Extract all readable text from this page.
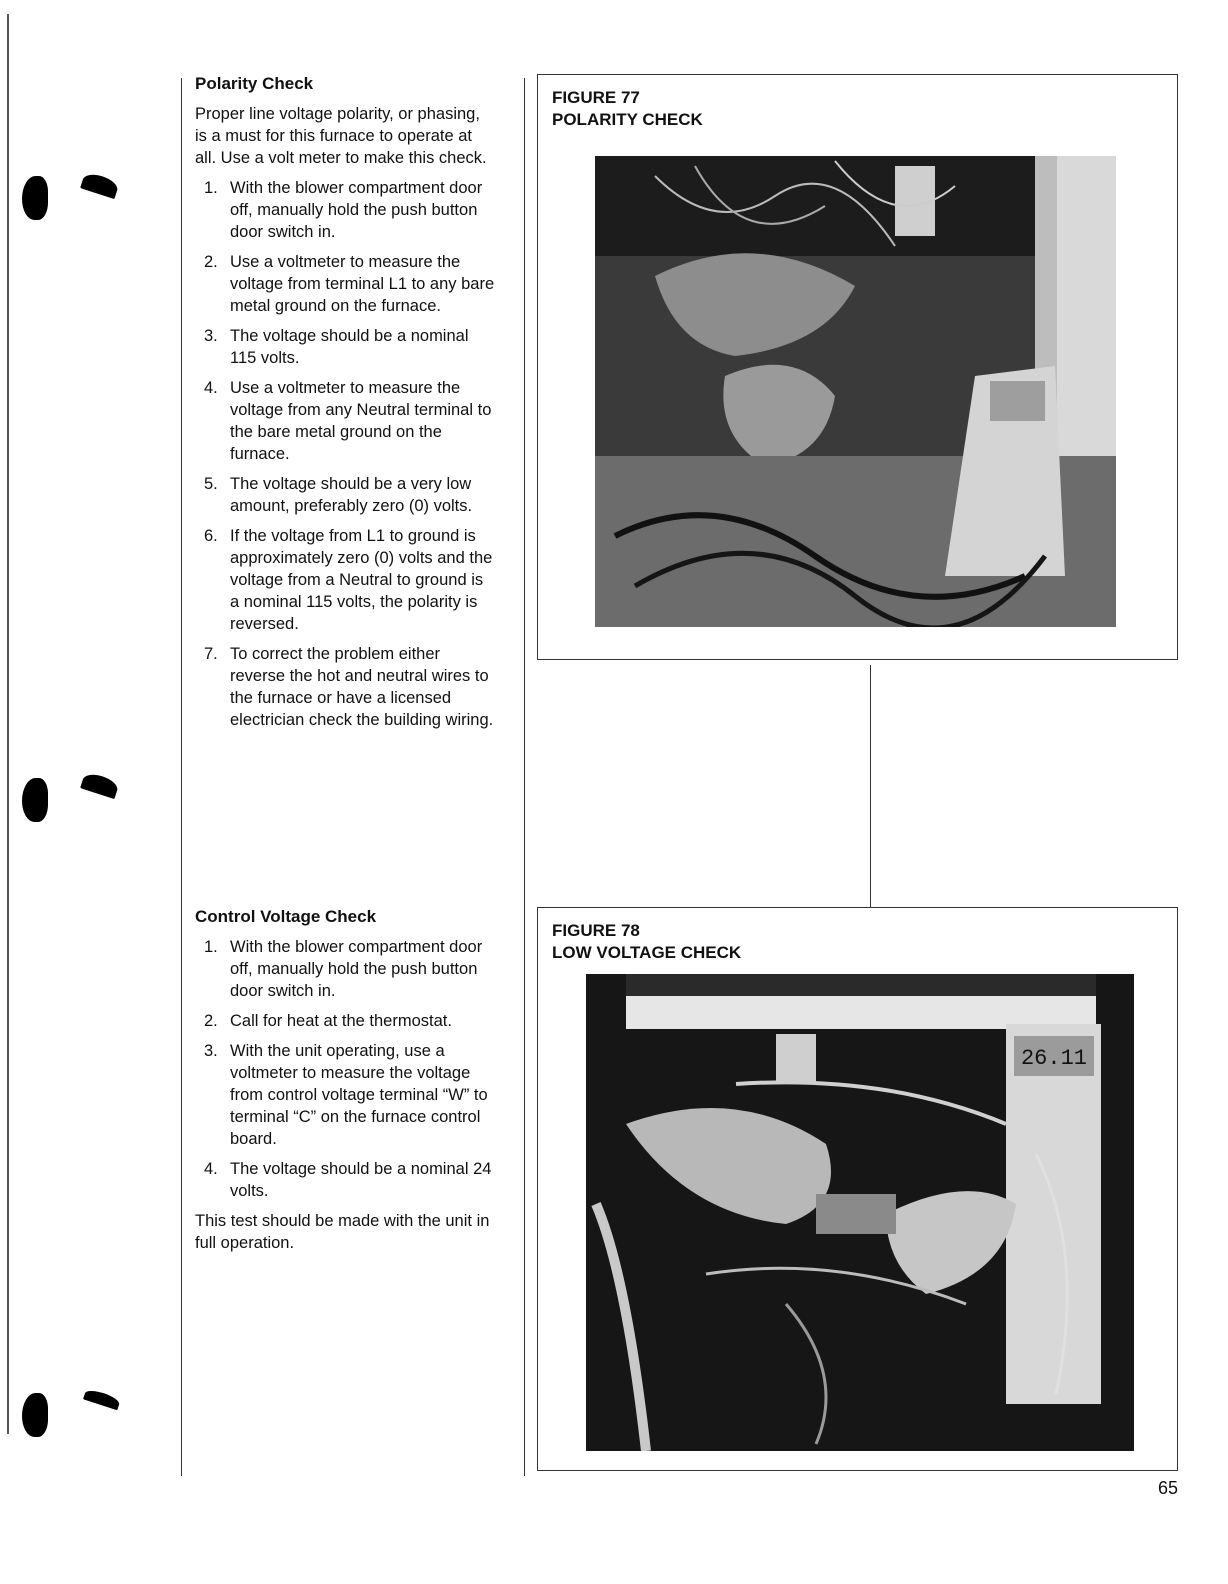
Polarity Check

Proper line voltage polarity, or phasing, is a must for this furnace to operate at all. Use a volt meter to make this check.

1. With the blower compartment door off, manually hold the push button door switch in.
2. Use a voltmeter to measure the voltage from terminal L1 to any bare metal ground on the furnace.
3. The voltage should be a nominal 115 volts.
4. Use a voltmeter to measure the voltage from any Neutral terminal to the bare metal ground on the furnace.
5. The voltage should be a very low amount, preferably zero (0) volts.
6. If the voltage from L1 to ground is approximately zero (0) volts and the voltage from a Neutral to ground is a nominal 115 volts, the polarity is reversed.
7. To correct the problem either reverse the hot and neutral wires to the furnace or have a licensed electrician check the building wiring.
Control Voltage Check
1. With the blower compartment door off, manually hold the push button door switch in.
2. Call for heat at the thermostat.
3. With the unit operating, use a voltmeter to measure the voltage from control voltage terminal “W” to terminal “C” on the furnace control board.
4. The voltage should be a nominal 24 volts.

This test should be made with the unit in full operation.

FIGURE 77
POLARITY CHECK
FIGURE 78
LOW VOLTAGE CHECK
26.11
65
